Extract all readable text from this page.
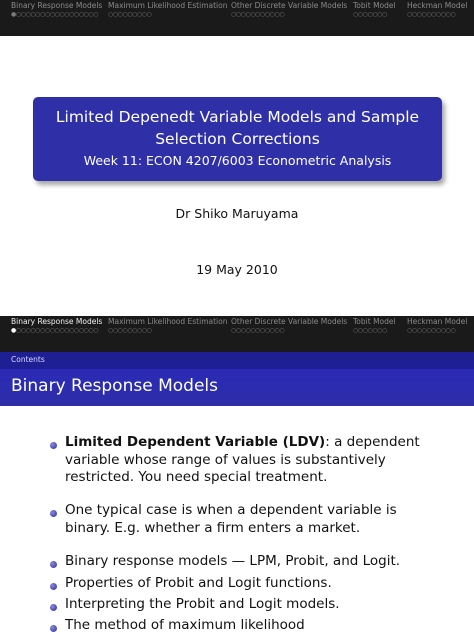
Binary Response Models
●○○○○○○○○○○○○○○○○○
Maximum Likelihood Estimation
○○○○○○○○○
Other Discrete Variable Models
○○○○○○○○○○○
Tobit Model
○○○○○○○
Heckman Model
○○○○○○○○○○
Limited Depenedt Variable Models and Sample Selection Corrections
Week 11: ECON 4207/6003 Econometric Analysis
Dr Shiko Maruyama
19 May 2010
Binary Response Models
●○○○○○○○○○○○○○○○○○
Maximum Likelihood Estimation
○○○○○○○○○
Other Discrete Variable Models
○○○○○○○○○○○
Tobit Model
○○○○○○○
Heckman Model
○○○○○○○○○○
Contents
Binary Response Models
Limited Dependent Variable (LDV): a dependent variable whose range of values is substantively restricted. You need special treatment.
One typical case is when a dependent variable is binary. E.g. whether a firm enters a market.
Binary response models — LPM, Probit, and Logit.
Properties of Probit and Logit functions.
Interpreting the Probit and Logit models.
The method of maximum likelihood
